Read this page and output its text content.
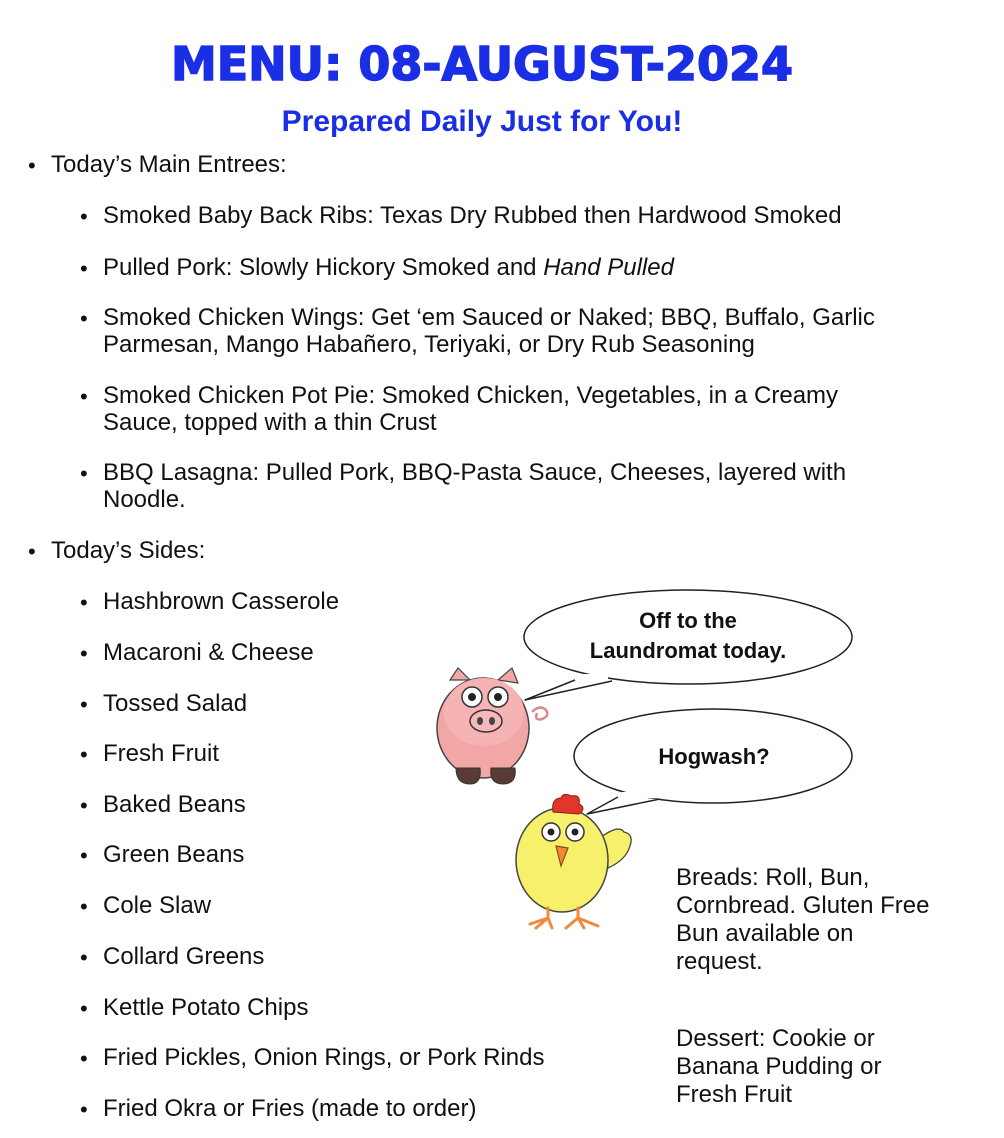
MENU: 08-AUGUST-2024
Prepared Daily Just for You!
• Today’s Main Entrees:
• Smoked Baby Back Ribs: Texas Dry Rubbed then Hardwood Smoked
• Pulled Pork: Slowly Hickory Smoked and Hand Pulled
• Smoked Chicken Wings: Get ‘em Sauced or Naked; BBQ, Buffalo, Garlic
Parmesan, Mango Habañero, Teriyaki, or Dry Rub Seasoning
• Smoked Chicken Pot Pie: Smoked Chicken, Vegetables, in a Creamy
Sauce, topped with a thin Crust
• BBQ Lasagna: Pulled Pork, BBQ-Pasta Sauce, Cheeses, layered with
Noodle.
• Today’s Sides:
• Hashbrown Casserole
• Macaroni & Cheese
• Tossed Salad
• Fresh Fruit
• Baked Beans
• Green Beans
• Cole Slaw
• Collard Greens
• Kettle Potato Chips
• Fried Pickles, Onion Rings, or Pork Rinds
• Fried Okra or Fries (made to order)
Off to the
Laundromat today.
Hogwash?
Breads: Roll, Bun,
Cornbread. Gluten Free
Bun available on
request.
Dessert: Cookie or
Banana Pudding or
Fresh Fruit
